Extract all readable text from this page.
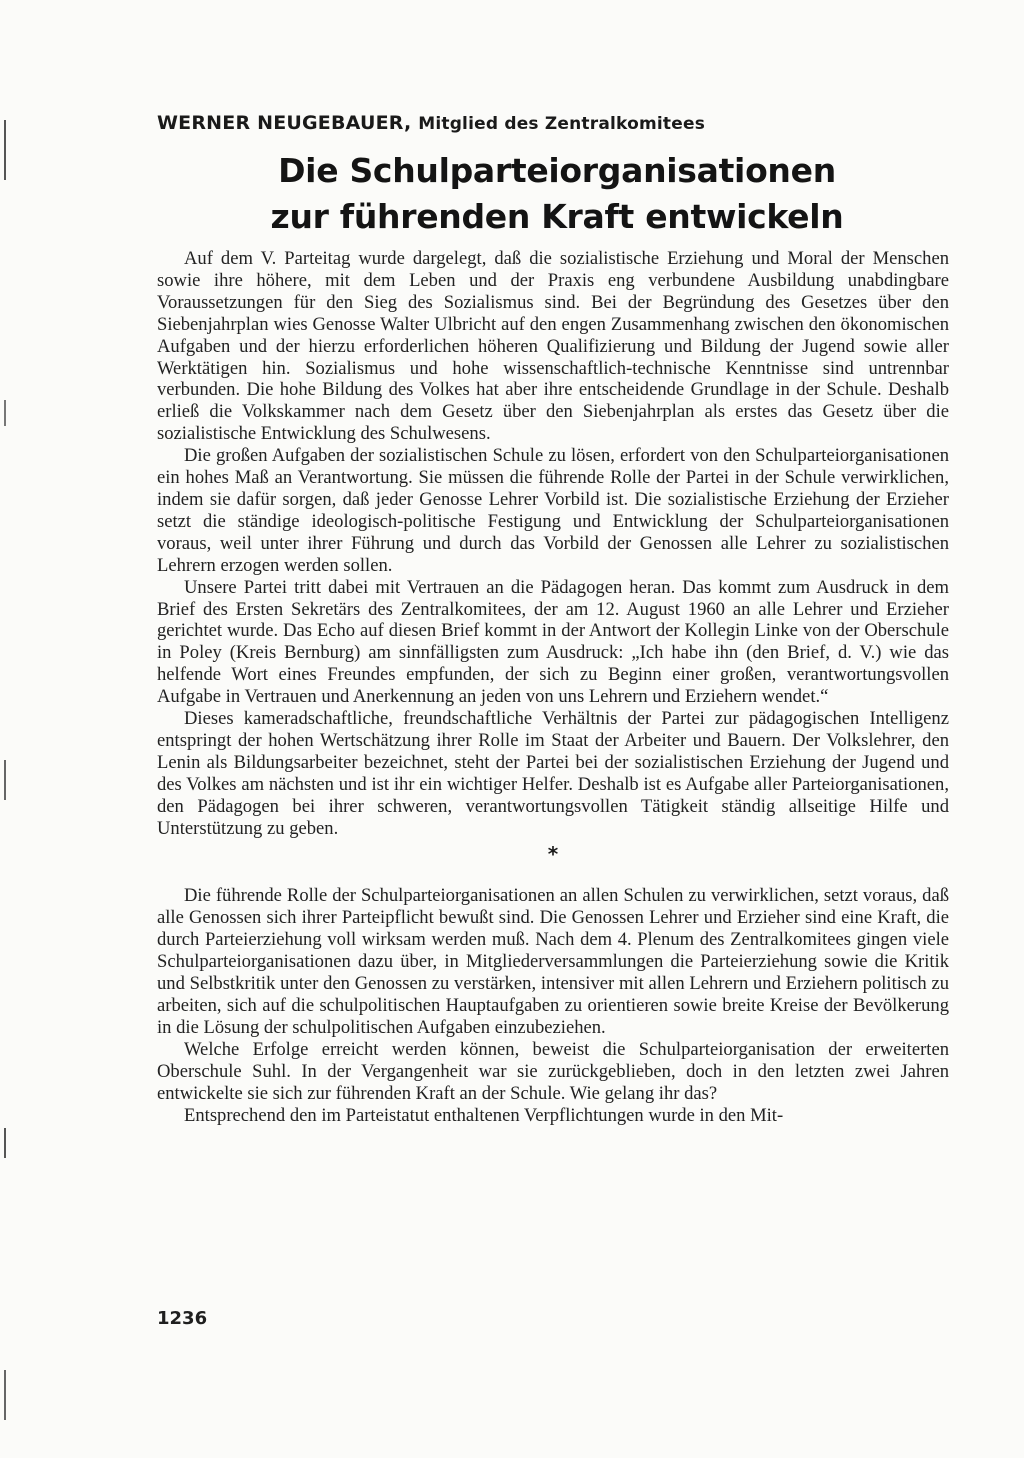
WERNER NEUGEBAUER, Mitglied des Zentralkomitees
Die Schulparteiorganisationen
zur führenden Kraft entwickeln

Auf dem V. Parteitag wurde dargelegt, daß die sozialistische Erziehung und Moral der Menschen sowie ihre höhere, mit dem Leben und der Praxis eng verbundene Ausbildung unabdingbare Voraussetzungen für den Sieg des Sozialismus sind. Bei der Begründung des Gesetzes über den Siebenjahrplan wies Genosse Walter Ulbricht auf den engen Zusammenhang zwischen den ökonomischen Aufgaben und der hierzu erforderlichen höheren Qualifizierung und Bildung der Jugend sowie aller Werktätigen hin. Sozialismus und hohe wissenschaftlich-technische Kenntnisse sind untrennbar verbunden. Die hohe Bildung des Volkes hat aber ihre entscheidende Grundlage in der Schule. Deshalb erließ die Volkskammer nach dem Gesetz über den Siebenjahrplan als erstes das Gesetz über die sozialistische Entwicklung des Schulwesens.

Die großen Aufgaben der sozialistischen Schule zu lösen, erfordert von den Schulparteiorganisationen ein hohes Maß an Verantwortung. Sie müssen die führende Rolle der Partei in der Schule verwirklichen, indem sie dafür sorgen, daß jeder Genosse Lehrer Vorbild ist. Die sozialistische Erziehung der Erzieher setzt die ständige ideologisch-politische Festigung und Entwicklung der Schulparteiorganisationen voraus, weil unter ihrer Führung und durch das Vorbild der Genossen alle Lehrer zu sozialistischen Lehrern erzogen werden sollen.

Unsere Partei tritt dabei mit Vertrauen an die Pädagogen heran. Das kommt zum Ausdruck in dem Brief des Ersten Sekretärs des Zentralkomitees, der am 12. August 1960 an alle Lehrer und Erzieher gerichtet wurde. Das Echo auf diesen Brief kommt in der Antwort der Kollegin Linke von der Oberschule in Poley (Kreis Bernburg) am sinnfälligsten zum Ausdruck: „Ich habe ihn (den Brief, d. V.) wie das helfende Wort eines Freundes empfunden, der sich zu Beginn einer großen, verantwortungsvollen Aufgabe in Vertrauen und Anerkennung an jeden von uns Lehrern und Erziehern wendet.“

Dieses kameradschaftliche, freundschaftliche Verhältnis der Partei zur pädagogischen Intelligenz entspringt der hohen Wertschätzung ihrer Rolle im Staat der Arbeiter und Bauern. Der Volkslehrer, den Lenin als Bildungsarbeiter bezeichnet, steht der Partei bei der sozialistischen Erziehung der Jugend und des Volkes am nächsten und ist ihr ein wichtiger Helfer. Deshalb ist es Aufgabe aller Parteiorganisationen, den Pädagogen bei ihrer schweren, verantwortungsvollen Tätigkeit ständig allseitige Hilfe und Unterstützung zu geben.

*

Die führende Rolle der Schulparteiorganisationen an allen Schulen zu verwirklichen, setzt voraus, daß alle Genossen sich ihrer Parteipflicht bewußt sind. Die Genossen Lehrer und Erzieher sind eine Kraft, die durch Parteierziehung voll wirksam werden muß. Nach dem 4. Plenum des Zentralkomitees gingen viele Schulparteiorganisationen dazu über, in Mitgliederversammlungen die Parteierziehung sowie die Kritik und Selbstkritik unter den Genossen zu verstärken, intensiver mit allen Lehrern und Erziehern politisch zu arbeiten, sich auf die schulpolitischen Hauptaufgaben zu orientieren sowie breite Kreise der Bevölkerung in die Lösung der schulpolitischen Aufgaben einzubeziehen.

Welche Erfolge erreicht werden können, beweist die Schulparteiorganisation der erweiterten Oberschule Suhl. In der Vergangenheit war sie zurückgeblieben, doch in den letzten zwei Jahren entwickelte sie sich zur führenden Kraft an der Schule. Wie gelang ihr das?

Entsprechend den im Parteistatut enthaltenen Verpflichtungen wurde in den Mit-

1236
